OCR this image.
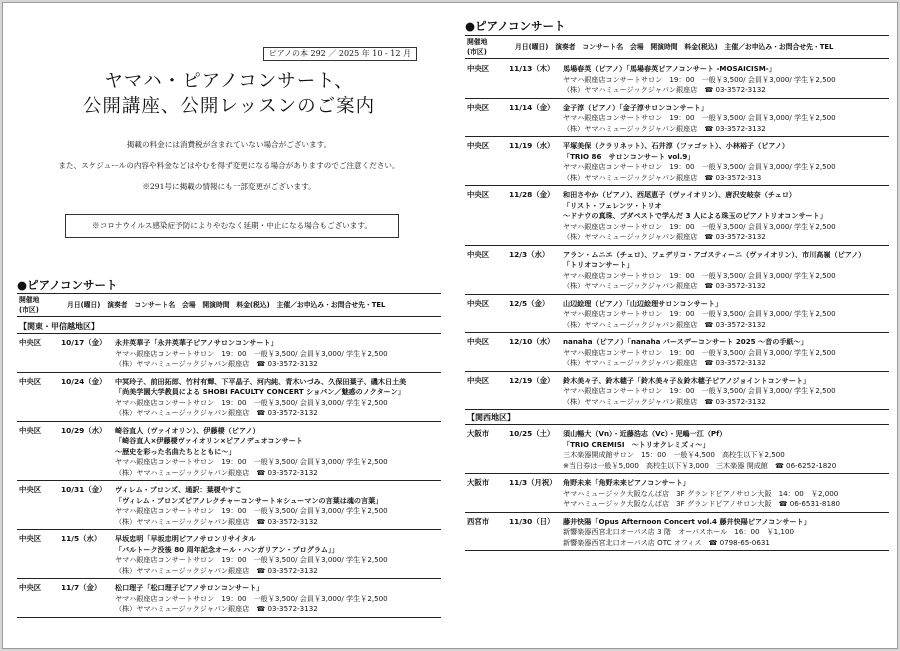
ピアノの本 292 ／ 2025 年 10 - 12 月
ヤマハ・ピアノコンサート、
公開講座、公開レッスンのご案内
掲載の料金には消費税が含まれていない場合がございます。
また、スケジュールの内容や料金などはやむを得ず変更になる場合がありますのでご注意ください。
※291号に掲載の情報にも一部変更がございます。
※コロナウイルス感染症予防によりやむなく延期・中止になる場合もございます。
●ピアノコンサート
開催地
(市区)
月日(曜日)　演奏者　コンサート名　会場　開演時間　料金(税込)　主催／お申込み・お問合せ先・TEL
【関東・甲信越地区】
中央区	10/17（金）	永井英華子「永井英華子ピアノサロンコンサート」
ヤマハ銀座店コンサートサロン　19：00　一般￥3,500/ 会員￥3,000/ 学生￥2,500
（株）ヤマハミュージックジャパン銀座店　☎ 03-3572-3132
中央区	10/24（金）	中冥玲子、前田拓郎、竹村有輝、下平晶子、河内純、青木いづみ、久保田葉子、磯木日土美
「尚美学園大学教員による SHOBI FACULTY CONCERT ショパン／魅惑のノクターン」
ヤマハ銀座店コンサートサロン　19：00　一般￥3,500/ 会員￥3,000/ 学生￥2,500
（株）ヤマハミュージックジャパン銀座店　☎ 03-3572-3132
中央区	10/29（水）	崎谷直人（ヴァイオリン）、伊藤棲（ピアノ）
「崎谷直人×伊藤棲ヴァイオリン×ピアノデュオコンサート
～歴史を彩った名曲たちとともに～」
ヤマハ銀座店コンサートサロン　19：00　一般￥3,500/ 会員￥3,000/ 学生￥2,500
（株）ヤマハミュージックジャパン銀座店　☎ 03-3572-3132
中央区	10/31（金）	ヴィレム・ブロンズ、通訳：葉榎やすこ
「ヴィレム・ブロンズピアノレクチャーコンサート＊シューマンの言葉は魂の言葉」
ヤマハ銀座店コンサートサロン　19：00　一般￥3,500/ 会員￥3,000/ 学生￥2,500
（株）ヤマハミュージックジャパン銀座店　☎ 03-3572-3132
中央区	11/5（水）	早坂忠明「早坂忠明ピアノサロンリサイタル
「バルトーク没後 80 周年記念オール・ハンガリアン・プログラム」」
ヤマハ銀座店コンサートサロン　19：00　一般￥3,500/ 会員￥3,000/ 学生￥2,500
（株）ヤマハミュージックジャパン銀座店　☎ 03-3572-3132
中央区	11/7（金）	松口理子「松口理子ピアノサロンコンサート」
ヤマハ銀座店コンサートサロン　19：00　一般￥3,500/ 会員￥3,000/ 学生￥2,500
（株）ヤマハミュージックジャパン銀座店　☎ 03-3572-3132
●ピアノコンサート
開催地
(市区)
月日(曜日)　演奏者　コンサート名　会場　開演時間　料金(税込)　主催／お申込み・お問合せ先・TEL
中央区	11/13（木）	馬場春英（ピアノ）「馬場春英ピアノコンサート -MOSAICISM-」
ヤマハ銀座店コンサートサロン　19：00　一般￥3,500/ 会員￥3,000/ 学生￥2,500
（株）ヤマハミュージックジャパン銀座店　☎ 03-3572-3132
中央区	11/14（金）	金子淳（ピアノ）「金子淳サロンコンサート」
ヤマハ銀座店コンサートサロン　19：00　一般￥3,500/ 会員￥3,000/ 学生￥2,500
（株）ヤマハミュージックジャパン銀座店　☎ 03-3572-3132
中央区	11/19（水）	平塚美保（クラリネット）、石井淳（ファゴット）、小林裕子（ピアノ）
「TRIO 86　サロンコンサート vol.9」
ヤマハ銀座店コンサートサロン　19：00　一般￥3,500/ 会員￥3,000/ 学生￥2,500
（株）ヤマハミュージックジャパン銀座店　☎ 03-3572-313
中央区	11/28（金）	和田さやか（ピアノ）、西尾恵子（ヴァイオリン）、唐沢安岐奈（チェロ）
「リスト・フェレンツ・トリオ
～ドナウの真珠、ブダペストで学んだ 3 人による珠玉のピアノトリオコンサート」
ヤマハ銀座店コンサートサロン　19：00　一般￥3,500/ 会員￥3,000/ 学生￥2,500
（株）ヤマハミュージックジャパン銀座店　☎ 03-3572-3132
中央区	12/3（水）	アラン・ムニエ（チェロ）、フェデリコ・アゴスティーニ（ヴァイオリン）、市川高嶺（ピアノ）
「トリオコンサート」
ヤマハ銀座店コンサートサロン　19：00　一般￥3,500/ 会員￥3,000/ 学生￥2,500
（株）ヤマハミュージックジャパン銀座店　☎ 03-3572-3132
中央区	12/5（金）	山辺絵理（ピアノ）「山辺絵理サロンコンサート」
ヤマハ銀座店コンサートサロン　19：00　一般￥3,500/ 会員￥3,000/ 学生￥2,500
（株）ヤマハミュージックジャパン銀座店　☎ 03-3572-3132
中央区	12/10（水）	nanaha（ピアノ）「nanaha バースデーコンサート 2025 ～音の手紙～」
ヤマハ銀座店コンサートサロン　19：00　一般￥3,500/ 会員￥3,000/ 学生￥2,500
（株）ヤマハミュージックジャパン銀座店　☎ 03-3572-3132
中央区	12/19（金）	鈴木美々子、鈴木穂子「鈴木美々子＆鈴木穂子ピアノジョイントコンサート」
ヤマハ銀座店コンサートサロン　19：00　一般￥3,500/ 会員￥3,000/ 学生￥2,500
（株）ヤマハミュージックジャパン銀座店　☎ 03-3572-3132
【関西地区】
大阪市	10/25（土）	須山暢大（Vn）・近藤浩志（Vc）・児嶋一江（Pf）
「TRIO CREMISI　～トリオクレミズィ～」
三木楽器開成館サロン　15：00　一般￥4,500　高校生以下￥2,500
※当日券は一般￥5,000　高校生以下￥3,000　三木楽器 開成館　☎ 06-6252-1820
大阪市	11/3（月祝） 角野未来「角野未来ピアノコンサート」
ヤマハミュージック大阪なんば店　3F グランドピアノサロン大阪　14：00　￥2,000
ヤマハミュージック大阪なんば店　3F グランドピアノサロン大阪　☎ 06-6531-8180
西宮市	11/30（日）	藤井快陽「Opus Afternoon Concert vol.4 藤井快陽ピアノコンサート」
新響楽器西宮北口オーパス店 3 階　オーパスホール　16：00　￥1,100
新響楽器西宮北口オーパス店 OTC オフィス　☎ 0798-65-0631
